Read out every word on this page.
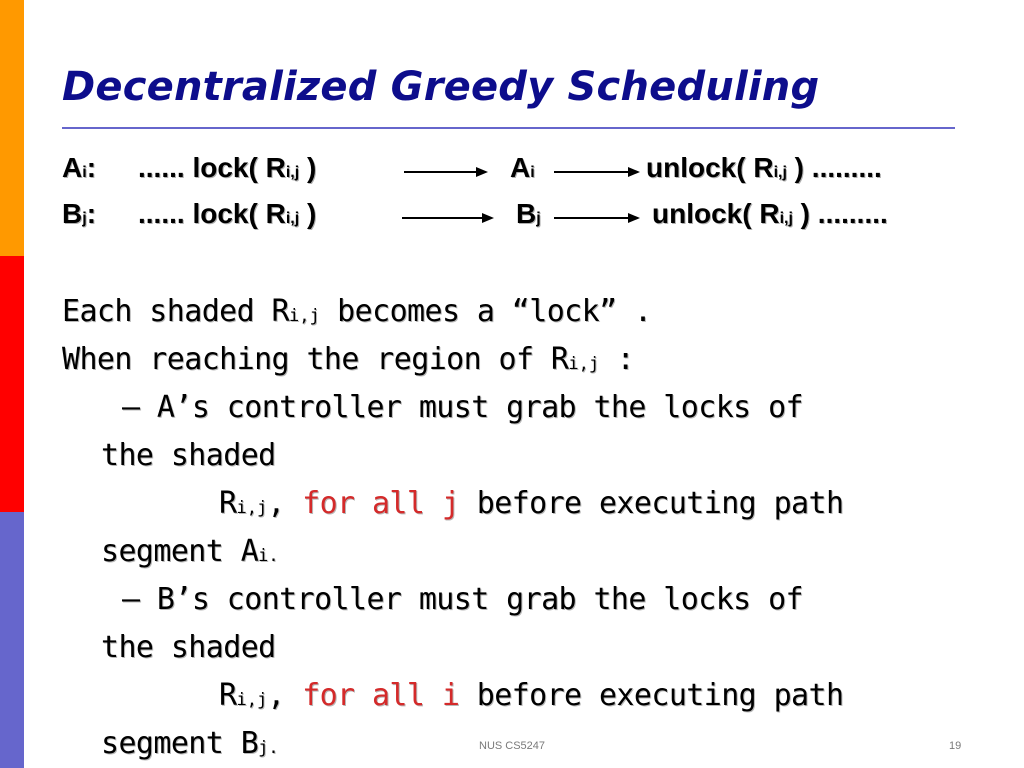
Decentralized Greedy Scheduling
Ai: ...... lock( Ri,j )	Ai	unlock( Ri,j ) .........
Bj: ...... lock( Ri,j )	Bj	unlock( Ri,j ) .........
Each shaded Ri,j becomes a “lock” .
When reaching the region of Ri,j :
— A’s controller must grab the locks of
the shaded
Ri,j, for all j before executing path
segment Ai.
— B’s controller must grab the locks of
the shaded
Ri,j, for all i before executing path
segment Bj.	NUS CS5247	19
